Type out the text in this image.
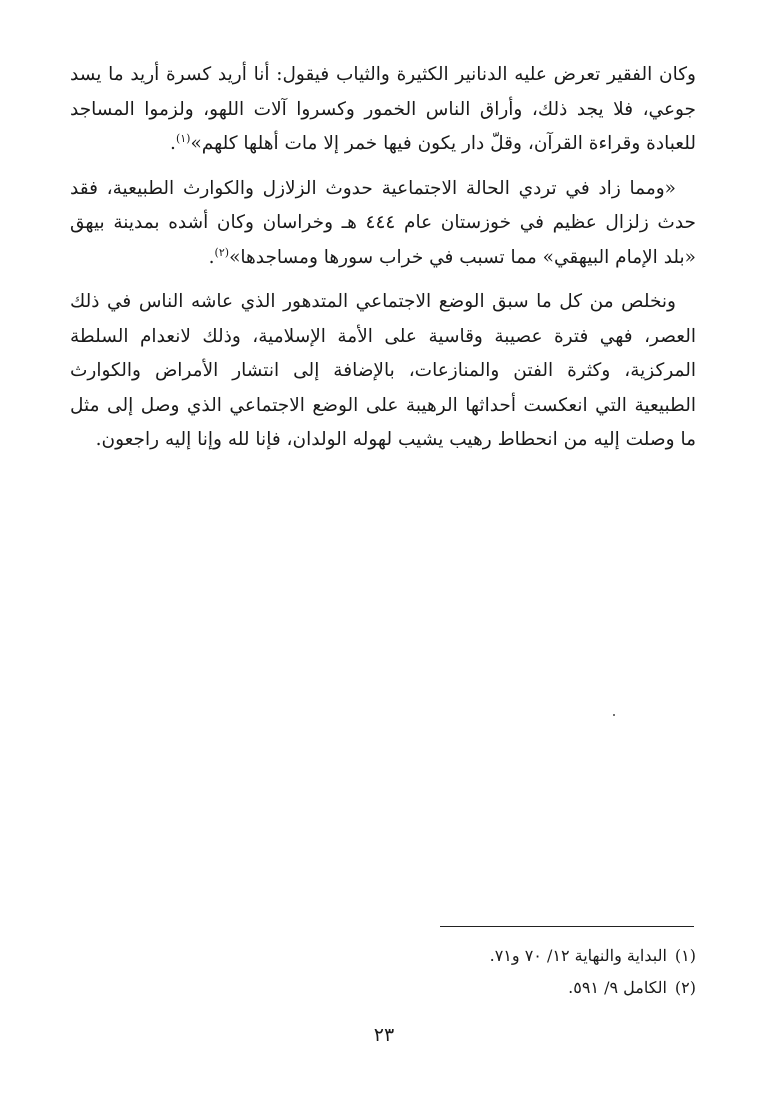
وكان الفقير تعرض عليه الدنانير الكثيرة والثياب فيقول: أنا أريد كسرة أريد ما يسد جوعي، فلا يجد ذلك، وأراق الناس الخمور وكسروا آلات اللهو، ولزموا المساجد للعبادة وقراءة القرآن، وقلّ دار يكون فيها خمر إلا مات أهلها كلهم»$^{(١)}$.

«ومما زاد في تردي الحالة الاجتماعية حدوث الزلازل والكوارث الطبيعية، فقد حدث زلزال عظيم في خوزستان عام ٤٤٤ هـ وخراسان وكان أشده بمدينة بيهق «بلد الإمام البيهقي» مما تسبب في خراب سورها ومساجدها»$^{(٢)}$.

ونخلص من كل ما سبق الوضع الاجتماعي المتدهور الذي عاشه الناس في ذلك العصر، فهي فترة عصيبة وقاسية على الأمة الإسلامية، وذلك لانعدام السلطة المركزية، وكثرة الفتن والمنازعات، بالإضافة إلى انتشار الأمراض والكوارث الطبيعية التي انعكست أحداثها الرهيبة على الوضع الاجتماعي الذي وصل إلى مثل ما وصلت إليه من انحطاط رهيب يشيب لهوله الولدان، فإنا لله وإنا إليه راجعون.

(١)البداية والنهاية ١٢/ ٧٠ و٧١.
(٢)الكامل ٩/ ٥٩١.
٢٣
